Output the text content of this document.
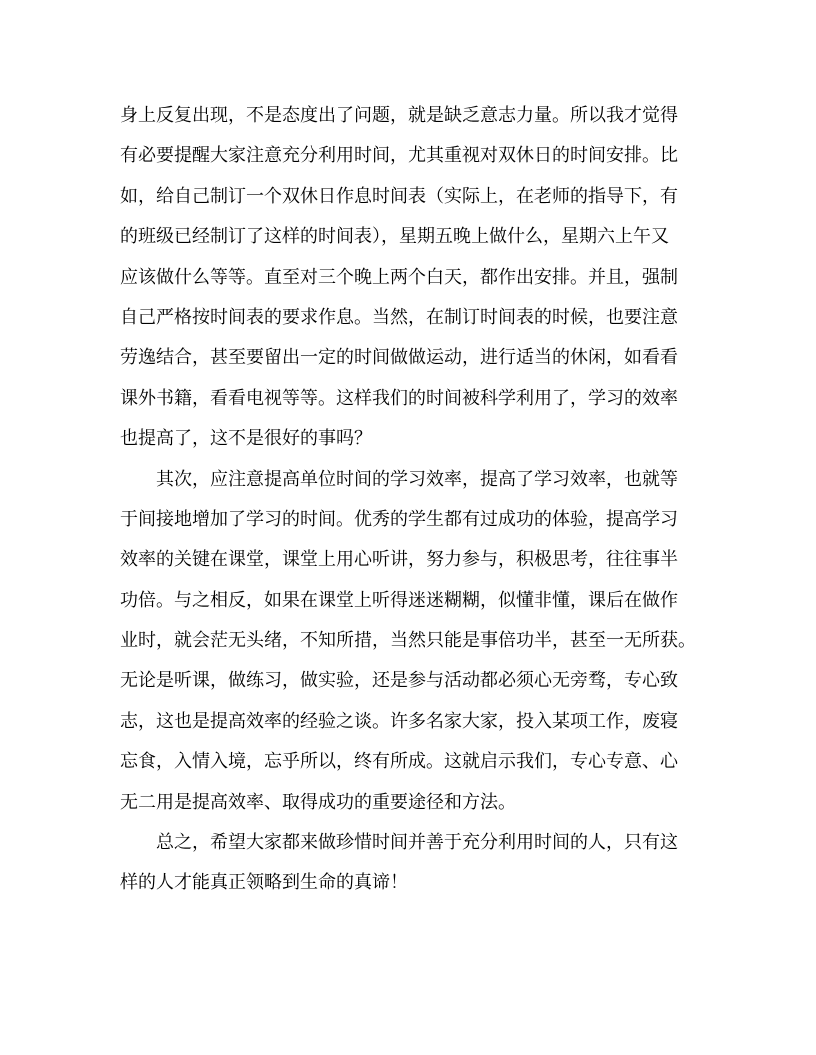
身上反复出现，不是态度出了问题，就是缺乏意志力量。所以我才觉得
有必要提醒大家注意充分利用时间，尤其重视对双休日的时间安排。比
如，给自己制订一个双休日作息时间表（实际上，在老师的指导下，有
的班级已经制订了这样的时间表），星期五晚上做什么，星期六上午又
应该做什么等等。直至对三个晚上两个白天，都作出安排。并且，强制
自己严格按时间表的要求作息。当然，在制订时间表的时候，也要注意
劳逸结合，甚至要留出一定的时间做做运动，进行适当的休闲，如看看
课外书籍，看看电视等等。这样我们的时间被科学利用了，学习的效率
也提高了，这不是很好的事吗？
　　其次，应注意提高单位时间的学习效率，提高了学习效率，也就等
于间接地增加了学习的时间。优秀的学生都有过成功的体验，提高学习
效率的关键在课堂，课堂上用心听讲，努力参与，积极思考，往往事半
功倍。与之相反，如果在课堂上听得迷迷糊糊，似懂非懂，课后在做作
业时，就会茫无头绪，不知所措，当然只能是事倍功半，甚至一无所获。
无论是听课，做练习，做实验，还是参与活动都必须心无旁骛，专心致
志，这也是提高效率的经验之谈。许多名家大家，投入某项工作，废寝
忘食，入情入境，忘乎所以，终有所成。这就启示我们，专心专意、心
无二用是提高效率、取得成功的重要途径和方法。
　　总之，希望大家都来做珍惜时间并善于充分利用时间的人，只有这
样的人才能真正领略到生命的真谛！
